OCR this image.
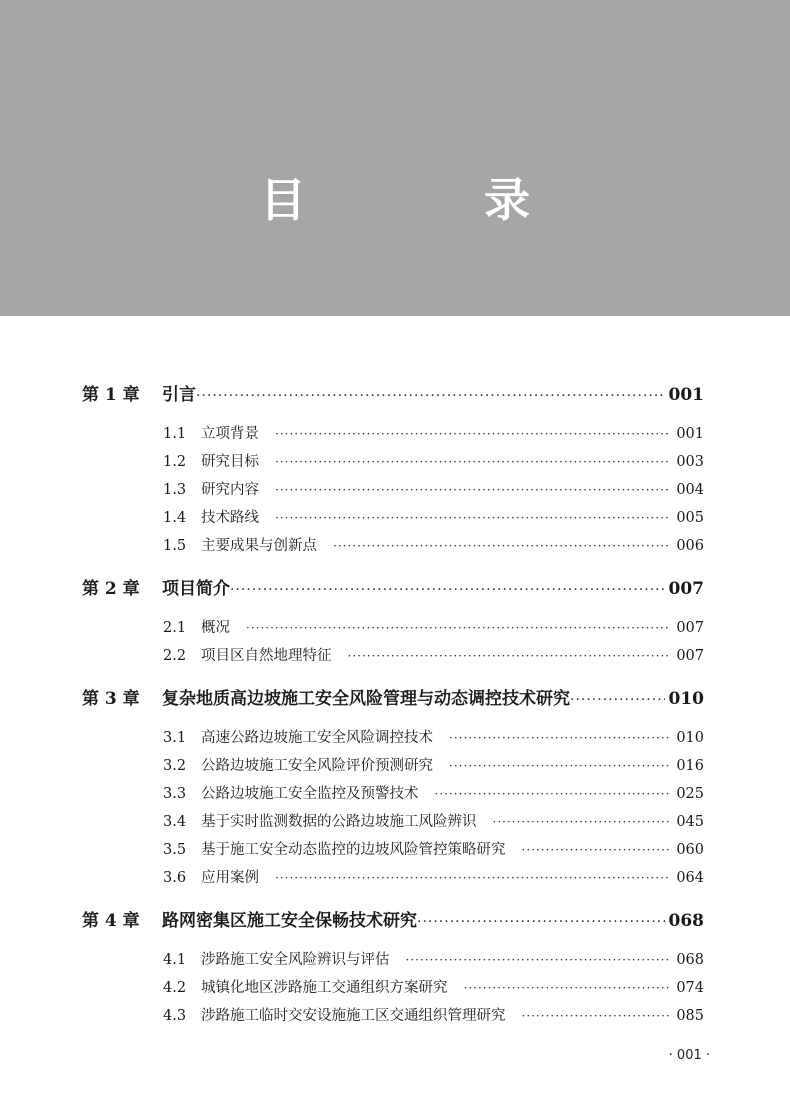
目　录
第 1 章	引言 ·····	001
1.1	立项背景 ·····	001
1.2	研究目标 ·····	003
1.3	研究内容 ·····	004
1.4	技术路线 ·····	005
1.5	主要成果与创新点 ·····	006
第 2 章	项目简介 ·····	007
2.1	概况 ·····	007
2.2	项目区自然地理特征 ·····	007
第 3 章	复杂地质高边坡施工安全风险管理与动态调控技术研究 ·····	010
3.1	高速公路边坡施工安全风险调控技术 ·····	010
3.2	公路边坡施工安全风险评价预测研究 ·····	016
3.3	公路边坡施工安全监控及预警技术 ·····	025
3.4	基于实时监测数据的公路边坡施工风险辨识 ·····	045
3.5	基于施工安全动态监控的边坡风险管控策略研究 ·····	060
3.6	应用案例 ·····	064
第 4 章	路网密集区施工安全保畅技术研究 ·····	068
4.1	涉路施工安全风险辨识与评估 ·····	068
4.2	城镇化地区涉路施工交通组织方案研究 ·····	074
4.3	涉路施工临时交安设施施工区交通组织管理研究 ·····	085
· 001 ·
